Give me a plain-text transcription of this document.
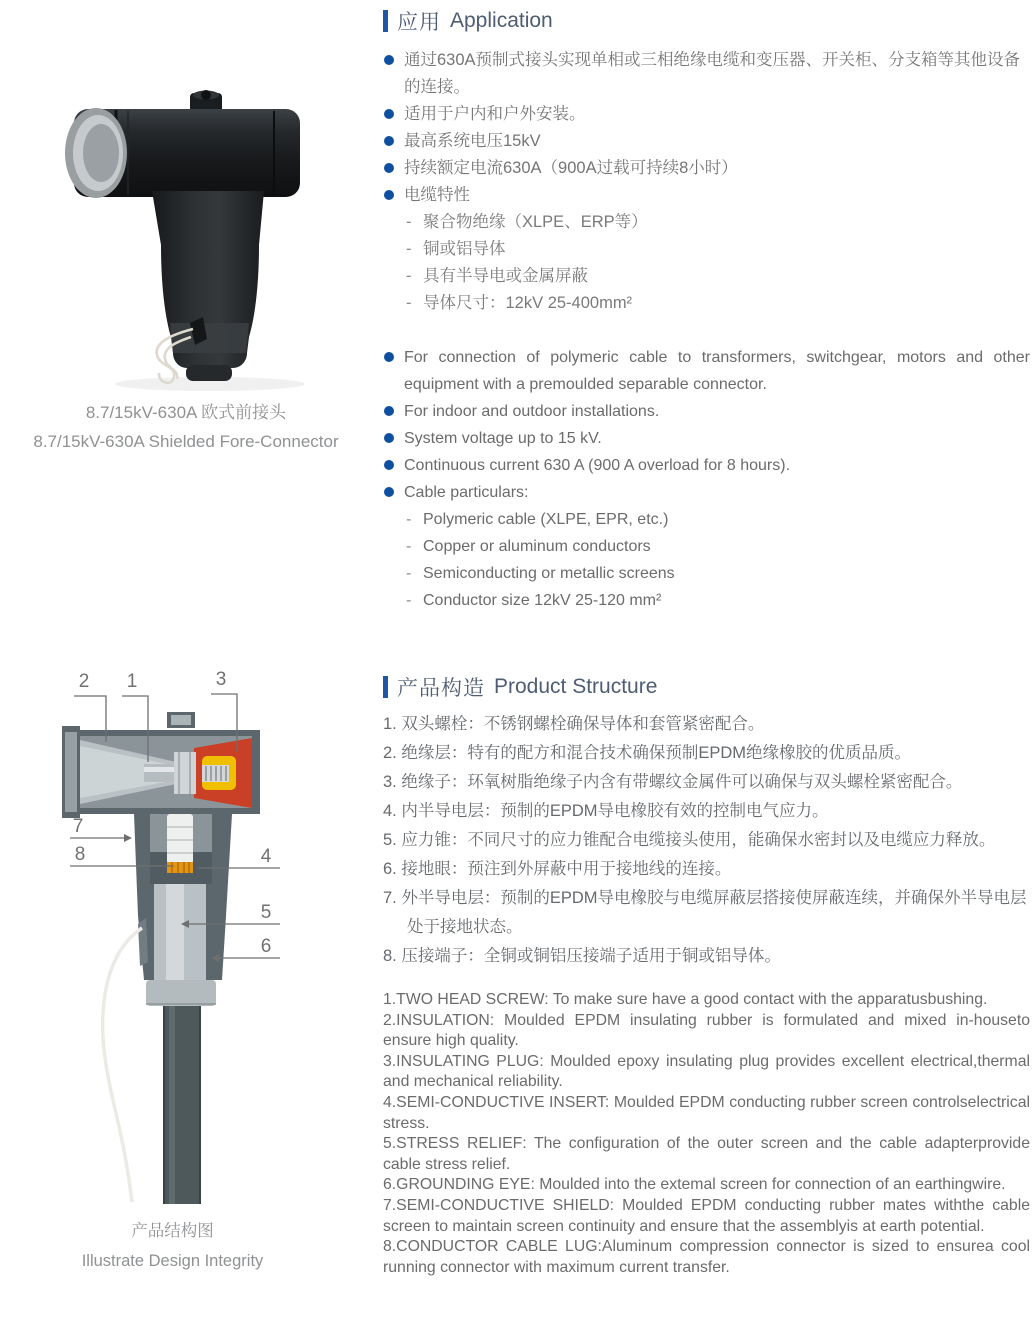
8.7/15kV-630A 欧式前接头
8.7/15kV-630A Shielded Fore-Connector
1
2	3
4
5
6
7
8
产品结构图
Illustrate Design Integrity
应用 Application
通过630A预制式接头实现单相或三相绝缘电缆和变压器、开关柜、分支箱等其他设备的连接。
适用于户内和户外安装。
最高系统电压15kV
持续额定电流630A（900A过载可持续8小时）
电缆特性
- 聚合物绝缘（XLPE、ERP等）
- 铜或铝导体
- 具有半导电或金属屏蔽
- 导体尺寸：12kV 25-400mm²
For connection of polymeric cable to transformers, switchgear, motors and other equipment with a premoulded separable connector.
For indoor and outdoor installations.
System voltage up to 15 kV.
Continuous current 630 A (900 A overload for 8 hours).
Cable particulars:
- Polymeric cable (XLPE, EPR, etc.)
- Copper or aluminum conductors
- Semiconducting or metallic screens
- Conductor size 12kV 25-120 mm²
产品构造 Product Structure

1. 双头螺栓：不锈钢螺栓确保导体和套管紧密配合。

2. 绝缘层：特有的配方和混合技术确保预制EPDM绝缘橡胶的优质品质。

3. 绝缘子：环氧树脂绝缘子内含有带螺纹金属件可以确保与双头螺栓紧密配合。

4. 内半导电层：预制的EPDM导电橡胶有效的控制电气应力。

5. 应力锥：不同尺寸的应力锥配合电缆接头使用，能确保水密封以及电缆应力释放。

6. 接地眼：预注到外屏蔽中用于接地线的连接。

7. 外半导电层：预制的EPDM导电橡胶与电缆屏蔽层搭接使屏蔽连续，并确保外半导电层处于接地状态。

8. 压接端子：全铜或铜铝压接端子适用于铜或铝导体。

1.TWO HEAD SCREW: To make sure have a good contact with the apparatusbushing.

2.INSULATION: Moulded EPDM insulating rubber is formulated and mixed in-houseto ensure high quality.

3.INSULATING PLUG: Moulded epoxy insulating plug provides excellent electrical,thermal and mechanical reliability.

4.SEMI-CONDUCTIVE INSERT: Moulded EPDM conducting rubber screen controlselectrical stress.

5.STRESS RELIEF: The configuration of the outer screen and the cable adapterprovide cable stress relief.

6.GROUNDING EYE: Moulded into the extemal screen for connection of an earthingwire.

7.SEMI-CONDUCTIVE SHIELD: Moulded EPDM conducting rubber mates withthe cable screen to maintain screen continuity and ensure that the assemblyis at earth potential.

8.CONDUCTOR CABLE LUG:Aluminum compression connector is sized to ensurea cool running connector with maximum current transfer.
